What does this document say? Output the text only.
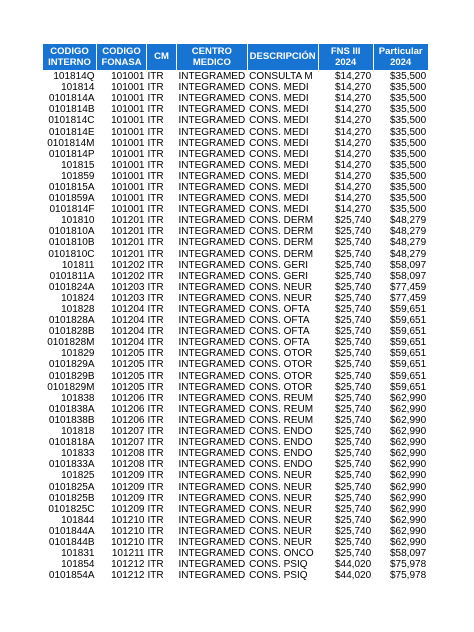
CODIGO INTERNO	CODIGO FONASA	CM	CENTRO MEDICO	DESCRIPCIÓN	FNS III 2024	Particular 2024
101814Q	101001	ITR	INTEGRAMED	CONSULTA M	$14,270	$35,500
101814	101001	ITR	INTEGRAMED	CONS. MEDI	$14,270	$35,500
0101814A	101001	ITR	INTEGRAMED	CONS. MEDI	$14,270	$35,500
0101814B	101001	ITR	INTEGRAMED	CONS. MEDI	$14,270	$35,500
0101814C	101001	ITR	INTEGRAMED	CONS. MEDI	$14,270	$35,500
0101814E	101001	ITR	INTEGRAMED	CONS. MEDI	$14,270	$35,500
0101814M	101001	ITR	INTEGRAMED	CONS. MEDI	$14,270	$35,500
0101814P	101001	ITR	INTEGRAMED	CONS. MEDI	$14,270	$35,500
101815	101001	ITR	INTEGRAMED	CONS. MEDI	$14,270	$35,500
101859	101001	ITR	INTEGRAMED	CONS. MEDI	$14,270	$35,500
0101815A	101001	ITR	INTEGRAMED	CONS. MEDI	$14,270	$35,500
0101859A	101001	ITR	INTEGRAMED	CONS. MEDI	$14,270	$35,500
0101814F	101001	ITR	INTEGRAMED	CONS. MEDI	$14,270	$35,500
101810	101201	ITR	INTEGRAMED	CONS. DERM	$25,740	$48,279
0101810A	101201	ITR	INTEGRAMED	CONS. DERM	$25,740	$48,279
0101810B	101201	ITR	INTEGRAMED	CONS. DERM	$25,740	$48,279
0101810C	101201	ITR	INTEGRAMED	CONS. DERM	$25,740	$48,279
101811	101202	ITR	INTEGRAMED	CONS. GERI	$25,740	$58,097
0101811A	101202	ITR	INTEGRAMED	CONS. GERI	$25,740	$58,097
0101824A	101203	ITR	INTEGRAMED	CONS. NEUR	$25,740	$77,459
101824	101203	ITR	INTEGRAMED	CONS. NEUR	$25,740	$77,459
101828	101204	ITR	INTEGRAMED	CONS. OFTA	$25,740	$59,651
0101828A	101204	ITR	INTEGRAMED	CONS. OFTA	$25,740	$59,651
0101828B	101204	ITR	INTEGRAMED	CONS. OFTA	$25,740	$59,651
0101828M	101204	ITR	INTEGRAMED	CONS. OFTA	$25,740	$59,651
101829	101205	ITR	INTEGRAMED	CONS. OTOR	$25,740	$59,651
0101829A	101205	ITR	INTEGRAMED	CONS. OTOR	$25,740	$59,651
0101829B	101205	ITR	INTEGRAMED	CONS. OTOR	$25,740	$59,651
0101829M	101205	ITR	INTEGRAMED	CONS. OTOR	$25,740	$59,651
101838	101206	ITR	INTEGRAMED	CONS. REUM	$25,740	$62,990
0101838A	101206	ITR	INTEGRAMED	CONS. REUM	$25,740	$62,990
0101838B	101206	ITR	INTEGRAMED	CONS. REUM	$25,740	$62,990
101818	101207	ITR	INTEGRAMED	CONS. ENDO	$25,740	$62,990
0101818A	101207	ITR	INTEGRAMED	CONS. ENDO	$25,740	$62,990
101833	101208	ITR	INTEGRAMED	CONS. ENDO	$25,740	$62,990
0101833A	101208	ITR	INTEGRAMED	CONS. ENDO	$25,740	$62,990
101825	101209	ITR	INTEGRAMED	CONS. NEUR	$25,740	$62,990
0101825A	101209	ITR	INTEGRAMED	CONS. NEUR	$25,740	$62,990
0101825B	101209	ITR	INTEGRAMED	CONS. NEUR	$25,740	$62,990
0101825C	101209	ITR	INTEGRAMED	CONS. NEUR	$25,740	$62,990
101844	101210	ITR	INTEGRAMED	CONS. NEUR	$25,740	$62,990
0101844A	101210	ITR	INTEGRAMED	CONS. NEUR	$25,740	$62,990
0101844B	101210	ITR	INTEGRAMED	CONS. NEUR	$25,740	$62,990
101831	101211	ITR	INTEGRAMED	CONS. ONCO	$25,740	$58,097
101854	101212	ITR	INTEGRAMED	CONS. PSIQ	$44,020	$75,978
0101854A	101212	ITR	INTEGRAMED	CONS. PSIQ	$44,020	$75,978
